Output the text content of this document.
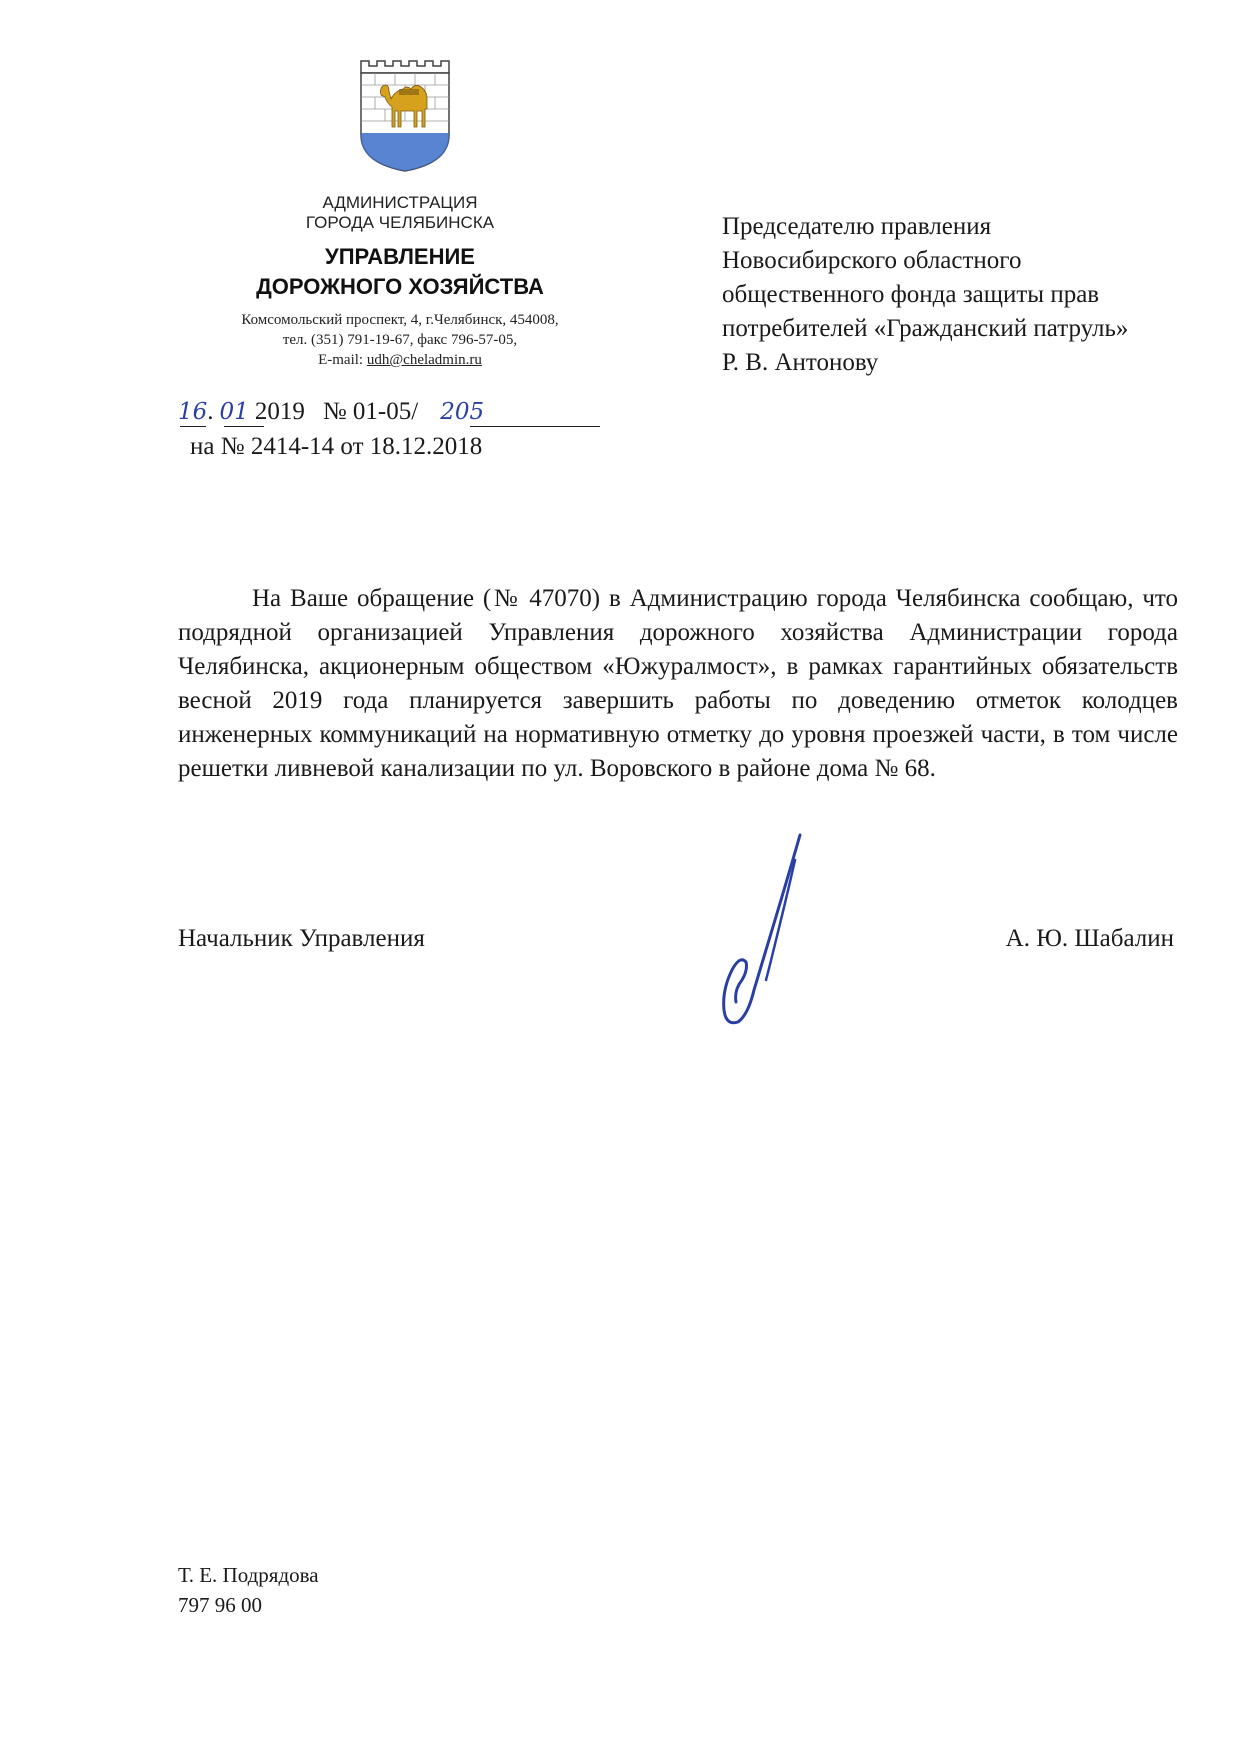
АДМИНИСТРАЦИЯ
ГОРОДА ЧЕЛЯБИНСКА
УПРАВЛЕНИЕ
ДОРОЖНОГО ХОЗЯЙСТВА
Комсомольский проспект, 4, г.Челябинск, 454008,
тел. (351) 791-19-67, факс 796-57-05,
E-mail: udh@cheladmin.ru
16. 01 2019 № 01-05/ 205
на № 2414-14 от 18.12.2018
Председателю правления
Новосибирского областного
общественного фонда защиты прав
потребителей «Гражданский патруль»
Р. В. Антонову
На Ваше обращение (№ 47070) в Администрацию города Челябинска сообщаю, что подрядной организацией Управления дорожного хозяйства Администрации города Челябинска, акционерным обществом «Южуралмост», в рамках гарантийных обязательств весной 2019 года планируется завершить работы по доведению отметок колодцев инженерных коммуникаций на нормативную отметку до уровня проезжей части, в том числе решетки ливневой канализации по ул. Воровского в районе дома № 68.
Начальник Управления	А. Ю. Шабалин
Т. Е. Подрядова
797 96 00
